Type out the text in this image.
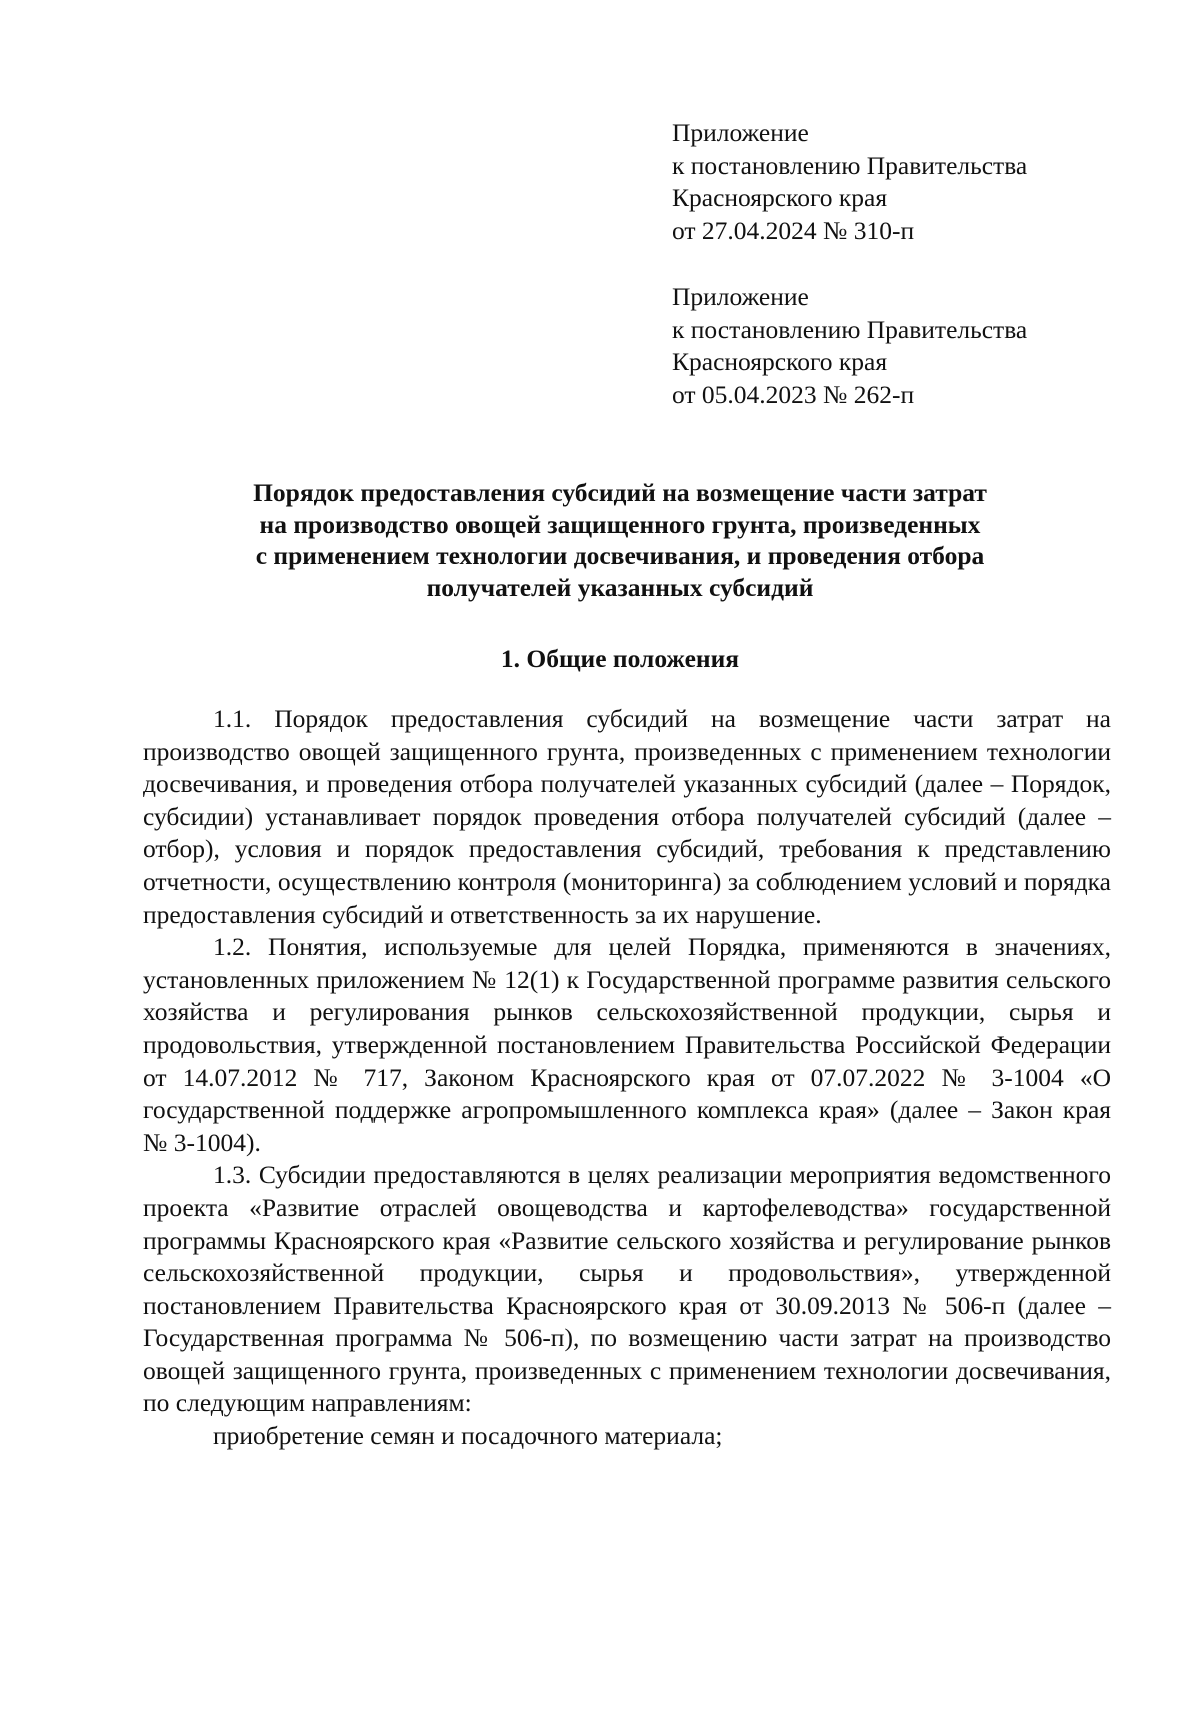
Приложение

к постановлению Правительства

Красноярского края

от 27.04.2024 № 310-п

Приложение

к постановлению Правительства

Красноярского края

от 05.04.2023 № 262-п

Порядок предоставления субсидий на возмещение части затрат

на производство овощей защищенного грунта, произведенных

с применением технологии досвечивания, и проведения отбора

получателей указанных субсидий

1. Общие положения

1.1. Порядок предоставления субсидий на возмещение части затрат на производство овощей защищенного грунта, произведенных с применением технологии досвечивания, и проведения отбора получателей указанных субсидий (далее – Порядок, субсидии) устанавливает порядок проведения отбора получателей субсидий (далее – отбор), условия и порядок предоставления субсидий, требования к представлению отчетности, осуществлению контроля (мониторинга) за соблюдением условий и порядка предоставления субсидий и ответственность за их нарушение.

1.2. Понятия, используемые для целей Порядка, применяются в значениях, установленных приложением № 12(1) к Государственной программе развития сельского хозяйства и регулирования рынков сельскохозяйственной продукции, сырья и продовольствия, утвержденной постановлением Правительства Российской Федерации от 14.07.2012 № 717, Законом Красноярского края от 07.07.2022 № 3-1004 «О государственной поддержке агропромышленного комплекса края» (далее – Закон края № 3-1004).

1.3. Субсидии предоставляются в целях реализации мероприятия ведомственного проекта «Развитие отраслей овощеводства и картофелеводства» государственной программы Красноярского края «Развитие сельского хозяйства и регулирование рынков сельскохозяйственной продукции, сырья и продовольствия», утвержденной постановлением Правительства Красноярского края от 30.09.2013 № 506-п (далее – Государственная программа № 506-п), по возмещению части затрат на производство овощей защищенного грунта, произведенных с применением технологии досвечивания, по следующим направлениям:

приобретение семян и посадочного материала;
